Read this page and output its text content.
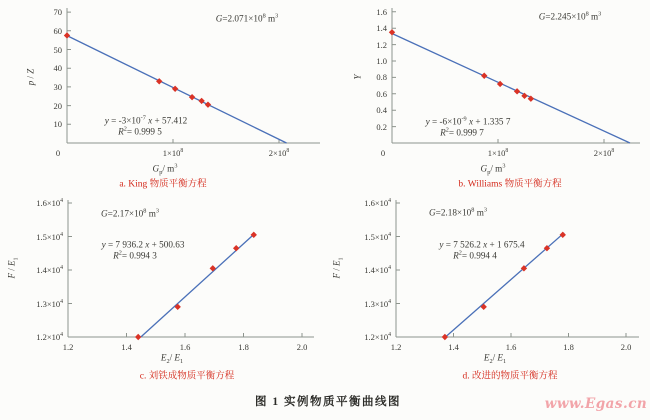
0	$1\times 10^8$	$2\times 10^8$
10
20
30
40
50
60
70
$G_p/$ $m^3$
p / Z
$G=2.071\times 10^8$ $m^3$
$y = -3\times 10^{-7}$ x + 57.412
$R^2= 0.999$ 5
a. King 物质平衡方程
0	$1\times 10^8$	$2\times 10^8$
0.2
0.4
0.6
0.8
1.0
1.2
1.4
1.6
$G_p/$ $m^3$
Y
$G=2.245\times 10^8$ $m^3$
$y = -6\times 10^{-9}$ x + 1.335 7
$R^2= 0.999$ 7
b. Williams 物质平衡方程
1.2	1.4	1.6	1.8	2.0
$1.2\times 10^4$
$1.3\times 10^4$
$1.4\times 10^4$
$1.5\times 10^4$
$1.6\times 10^4$
$E_2/$ $E_1$
F / $E_1$
$G=2.17\times 10^8$ $m^3$
y = 7 936.2 x + 500.63
$R^2= 0.994$ 3
c. 刘铁成物质平衡方程
1.2	1.4	1.6	1.8	2.0
$1.2\times 10^4$
$1.3\times 10^4$
$1.4\times 10^4$
$1.5\times 10^4$
$1.6\times 10^4$
$E_2/$ $E_1$
F / $E_1$
$G=2.18\times 10^8$ $m^3$
y = 7 526.2 x + 1 675.4
$R^2= 0.994$ 4
d. 改进的物质平衡方程
图 1 实例物质平衡曲线图	www.Egas.cn
